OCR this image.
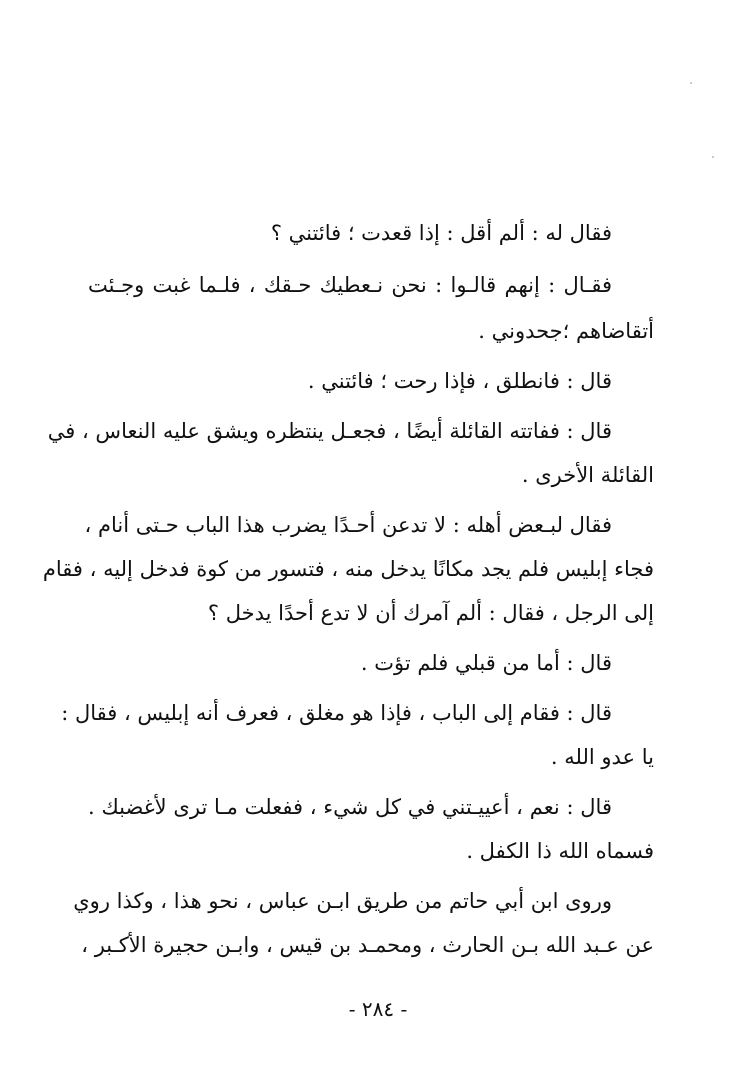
فقال له : ألم أقل : إذا قعدت ؛ فائتني ؟
فقـال : إنهم قالـوا : نحن نـعطيك حـقك ، فلـما غبت وجـئت
أتقاضاهم ؛جحدوني .
قال : فانطلق ، فإذا رحت ؛ فائتني .
قال : ففاتته القائلة أيضًا ، فجعـل ينتظره ويشق عليه النعاس ، في
القائلة الأخرى .
فقال لبـعض أهله : لا تدعن أحـدًا يضرب هذا الباب حـتى أنام ،
فجاء إبليس فلم يجد مكانًا يدخل منه ، فتسور من كوة فدخل إليه ، فقام
إلى الرجل ، فقال : ألم آمرك أن لا تدع أحدًا يدخل ؟
قال : أما من قبلي فلم تؤت .
قال : فقام إلى الباب ، فإذا هو مغلق ، فعرف أنه إبليس ، فقال :
يا عدو الله .
قال : نعم ، أعييـتني في كل شيء ، ففعلت مـا ترى لأغضبك .
فسماه الله ذا الكفل .
وروى ابن أبي حاتم من طريق ابـن عباس ، نحو هذا ، وكذا روي
عن عـبد الله بـن الحارث ، ومحمـد بن قيس ، وابـن حجيرة الأكـبر ،
- ٢٨٤ -
